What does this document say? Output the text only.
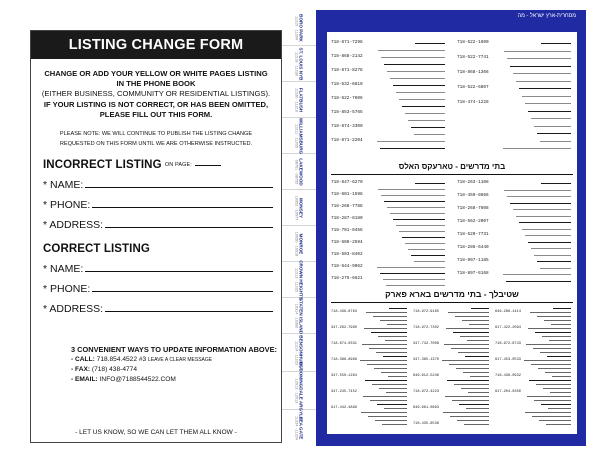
LISTING CHANGE FORM
CHANGE OR ADD YOUR YELLOW OR WHITE PAGES LISTING
IN THE PHONE BOOK
(EITHER BUSINESS, COMMUNITY OR RESIDENTIAL LISTINGS).
IF YOUR LISTING IS NOT CORRECT, OR HAS BEEN OMITTED,
PLEASE FILL OUT THIS FORM.
PLEASE NOTE: WE WILL CONTINUE TO PUBLISH THE LISTING CHANGE
REQUESTED ON THIS FORM UNTIL WE ARE OTHERWISE INSTRUCTED.
INCORRECT LISTING ON PAGE:
* NAME:
* PHONE:
* ADDRESS:
CORRECT LISTING
* NAME:
* PHONE:
* ADDRESS:
3 CONVENIENT WAYS TO UPDATE INFORMATION ABOVE:
- CALL: 718.854.4522 #3 LEAVE A CLEAR MESSAGE
- FAX: (718) 438-4774
- EMAIL: INFO@7188544522.COM
- LET US KNOW, SO WE CAN LET THEM ALL KNOW -
BORO PARK
11219 · 11204
ST. LOUIS NYB
11218 · 11230
FLATBUSH
11230 · 11210
WILLIAMSBURG
11211 · 11205
LAKEWOOD
08701 · 08755
MONSEY
10952 · 10977
MONROE
10950 · 10918
CROWN HEIGHTS
11213 · 11225
STATEN ISLAND
10314 · 10306
BENSONHURST
11214 · 11223
BLOOMINGDALE ARGYLE
12913 · 12913
SEA GATE
11224 · 11224
מסחרית-ארץ ישראל - מה
718-871-7298
718-868-2142
718-871-8278
718-532-6810
718-522-7606
718-853-5765
718-874-3300
718-871-2204
718-522-1600
718-522-7741
718-868-1366
718-522-6807
718-474-1228
בתי מדרשים - טארעקס האלס
718-847-6270
718-601-1598
718-268-7788
718-287-8180
718-701-0456
718-506-2594
718-503-8402
718-544-9062
718-275-6621
718-263-1108
718-459-8666
718-268-7608
718-562-2007
718-520-7731
718-286-6440
718-997-1185
718-897-6168
שטיבלך - בתי מדרשים בארא פארק
718-436-8763
347-262-7990
718-674-0331
718-386-8996
347-550-1294
347-245-7452
917-442-4899
718-972-9165
718-972-7302
347-742-7008
347-385-1370
646-912-5246
718-972-4223
646-961-0893
718-435-8536
646-286-1414
917-422-2094
718-972-8743
917-453-0533
718-436-0932
917-204-0350
